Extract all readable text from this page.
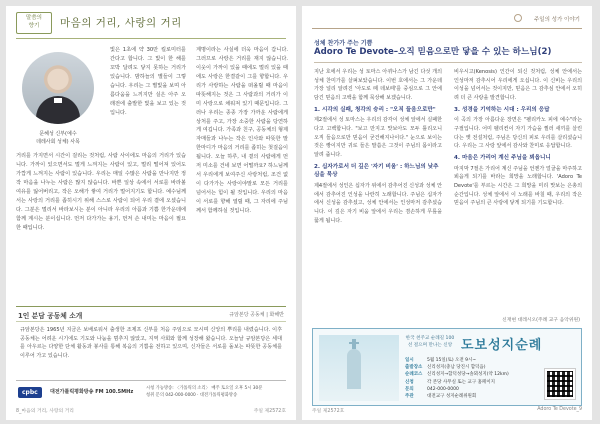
말씀의
향기	마음의 거리, 사랑의 거리
문혜성 신부(예수
데레사회 성체) 사목
빛은 1초에 약 30만 킬로미터를 간다고 합니다. 그 빛이 한 해를 꼬박 달려도 닿지 못하는 거리가 있습니다. 밤하늘의 별들이 그렇습니다. 우리는 그 별빛을 보며 아름다움을 느끼지만 실은 아주 오래전에 출발한 빛을 보고 있는 것입니다.
거리를 가지면서 시간이 걸리는 것처럼, 사람 사이에도 마음의 거리가 있습니다. 가까이 있으면서도 멀게 느껴지는 사람이 있고, 멀리 떨어져 있어도 가깝게 느껴지는 사람이 있습니다. 우리는 매일 수많은 사람을 만나지만 정작 마음을 나누는 사람은 많지 않습니다. 바쁜 일상 속에서 서로를 바라볼 여유를 잃어버리고, 작은 오해가 쌓여 거리가 멀어지기도 합니다. 예수님께서는 사랑의 거리를 좁히시기 위해 스스로 사람이 되어 우리 곁에 오셨습니다. 그분은 멀리서 바라보시는 분이 아니라 우리의 아픔과 기쁨 한가운데에 함께 계시는 분이십니다. 먼저 다가가는 용기, 먼저 손 내미는 마음이 필요한 때입니다.
계명이라는 사실에 더욱 마음이 갑니다. 그러므로 사랑은 거리를 재지 않습니다. 이웃이 가까이 있을 때에도 멀리 있을 때에도 사랑은 한결같이 그를 향합니다. 우리가 사랑하는 사람을 떠올릴 때 마음이 따뜻해지는 것은 그 사람과의 거리가 이미 사랑으로 채워져 있기 때문입니다. 그러나 우리는 종종 가장 가까운 사람에게 상처를 주고, 가장 소중한 사람을 당연하게 여깁니다. 가족과 친구, 공동체의 형제자매들과 나누는 작은 인사와 따뜻한 말 한마디가 마음의 거리를 좁히는 첫걸음이 됩니다. 오늘 하루, 내 곁의 사람에게 먼저 미소를 건네 보면 어떨까요? 하느님께서 우리에게 보여주신 사랑처럼, 조건 없이 다가가는 사랑이야말로 모든 거리를 넘어서는 힘이 될 것입니다. 우리의 마음이 서로를 향해 열릴 때, 그 자리에 주님께서 함께하실 것입니다.
1인 분담 공동체 소개	규암본당 공동체 | 화해반
규암본당은 1965년 지금은 보배로워서 출생한 조제프 신부를 처음 주임으로 모시며 신앙의 뿌리를 내렸습니다. 이후 공동체는 어려운 시기에도 기도와 나눔을 멈추지 않았고, 지역 사회와 함께 성장해 왔습니다. 오늘날 규암본당은 세대를 아우르는 다양한 단체 활동과 봉사를 통해 복음의 기쁨을 전하고 있으며, 신자들은 서로를 돌보는 따뜻한 공동체를 이루어 가고 있습니다.
cpbc	대전가톨릭평화방송 FM 100.5MHz
시청 가능방송: 〈가톨릭의 소리〉 매주 토요일 오후 5시 30분
청취 문의 042-000-0000 · 대전가톨릭평화방송
8_마음의 거리, 사랑의 거리	주일 제2572호
주일의 성가 이야기
성체 찬가가 주는 기쁨
Adoro Te Devote–오직 믿음으로만 닿을 수 있는 하느님(2)
지난 호에서 우리는 성 토마스 아퀴나스가 남긴 다섯 개의 성체 찬미가를 살펴보았습니다. 이번 호에서는 그 가운데 가장 널리 알려진 '아도로 떼 데보떼'를 중심으로 그 안에 담긴 믿음의 고백을 함께 묵상해 보겠습니다.
1. 시각의 실패, 청각의 승리 : "오직 들음으로만"
제2절에서 성 토마스는 우리의 감각이 성체 앞에서 실패한다고 고백합니다. "보고 만지고 맛보아도 모두 틀리오니 오직 들음으로만 믿음이 굳건해지나이다." 눈으로 보이는 것은 빵이지만 귀로 들은 말씀은 그것이 주님의 몸이라고 알려 줍니다.
2. 십자가로서 더 깊은 '자기 비움' : 하느님의 낮추심을 묵상
제4절에서 성인은 십자가 위에서 감추어진 신성과 성체 안에서 감추어진 인성을 나란히 노래합니다. 주님은 십자가에서 신성을 감추셨고, 성체 안에서는 인성마저 감추셨습니다. 이 깊은 자기 비움 앞에서 우리는 겸손하게 무릎을 꿇게 됩니다.
비우시고(Kenosis) 인간이 되신 것처럼, 성체 안에서는 인성마저 감추시어 우리에게 오십니다. 이 신비는 우리의 이성을 넘어서는 것이지만, 믿음은 그 감추심 안에서 오히려 더 큰 사랑을 발견합니다.
3. 성경을 기억하는 시대 : 우리의 응답
이 곡의 가장 아름다운 장면은 "펠리카노 피에 예수"라는 구절입니다. 어미 펠리컨이 자기 가슴을 찔러 새끼를 살린다는 옛 전설처럼, 주님은 당신의 피로 우리를 살리셨습니다. 우리는 그 사랑 앞에서 감사와 찬미로 응답합니다.
4. 마음은 가리어 계신 주님을 뵈옵니니
마지막 7절은 가리어 계신 주님을 언젠가 얼굴을 마주하고 뵈옵게 되기를 바라는 희망을 노래합니다. 'Adoro Te Devote'를 부르는 시간은 그 희망을 미리 맛보는 은총의 순간입니다. 성체 앞에서 이 노래를 바칠 때, 우리의 작은 믿음이 주님의 큰 사랑에 닿게 되기를 기도합니다.
신재현 대레시오(주례 교구 음악위원)
한국 천주교 순례길 100선 걸으며 만나는 신앙 도보성지순례
일시	5월 15일(토) 오전 9시~
출발장소 신리성지(충남 당진시 합덕읍)
순례코스 신리성지→합덕성당→솔뫼성지(약 12km)
신청	각 본당 사무실 또는 교구 홈페이지
문의	042-000-0000
주관	대전교구 성지순례위원회
주일 제2572호	Adoro Te Devote_9
